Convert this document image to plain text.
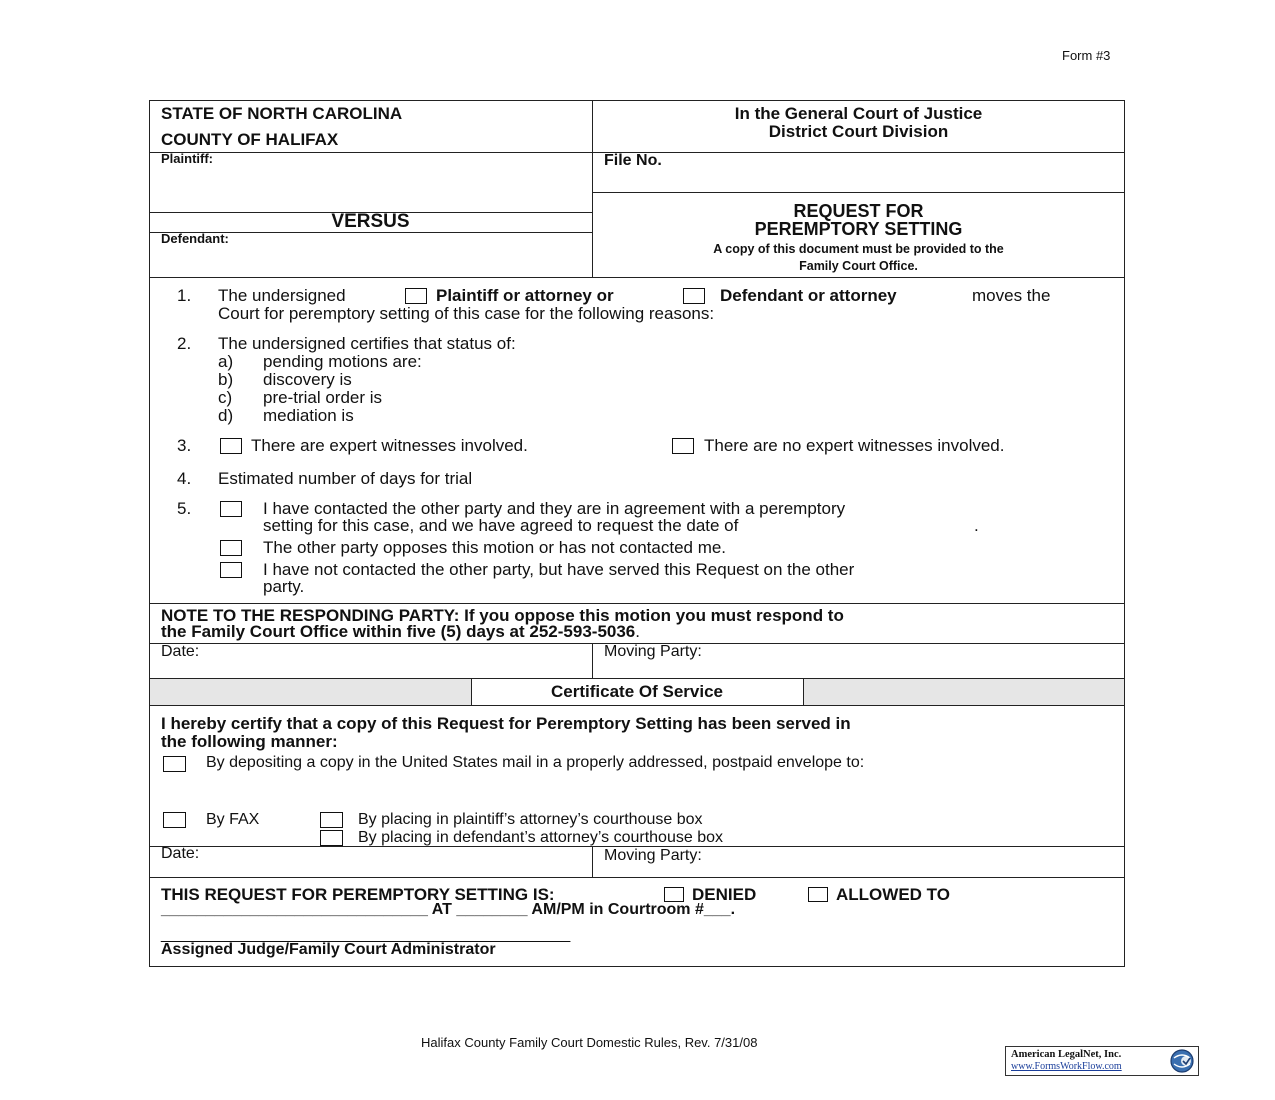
Form #3
STATE OF NORTH CAROLINA
COUNTY OF HALIFAX
In the General Court of Justice
District Court Division
Plaintiff:	File No.
VERSUS
Defendant:
REQUEST FOR
PEREMPTORY SETTING
A copy of this document must be provided to the
Family Court Office.
1. The undersigned	Plaintiff or attorney or	Defendant or attorney	moves the
Court for peremptory setting of this case for the following reasons:
2. The undersigned certifies that status of:
a) pending motions are:
b) discovery is
c) pre-trial order is
d) mediation is
3.	There are expert witnesses involved.	There are no expert witnesses involved.
4. Estimated number of days for trial
5.	I have contacted the other party and they are in agreement with a peremptory
setting for this case, and we have agreed to request the date of	.
The other party opposes this motion or has not contacted me.
I have not contacted the other party, but have served this Request on the other
party.
NOTE TO THE RESPONDING PARTY: If you oppose this motion you must respond to
the Family Court Office within five (5) days at 252-593-5036.
Date:	Moving Party:
Certificate Of Service
I hereby certify that a copy of this Request for Peremptory Setting has been served in
the following manner:
By depositing a copy in the United States mail in a properly addressed, postpaid envelope to:
By FAX	By placing in plaintiff’s attorney’s courthouse box
By placing in defendant’s attorney’s courthouse box
Date:	Moving Party:
THIS REQUEST FOR PEREMPTORY SETTING IS:	DENIED	ALLOWED TO
______________________________ AT ________ AM/PM in Courtroom #___.
______________________________________________
Assigned Judge/Family Court Administrator
Halifax County Family Court Domestic Rules, Rev. 7/31/08
American LegalNet, Inc.
www.FormsWorkFlow.com
